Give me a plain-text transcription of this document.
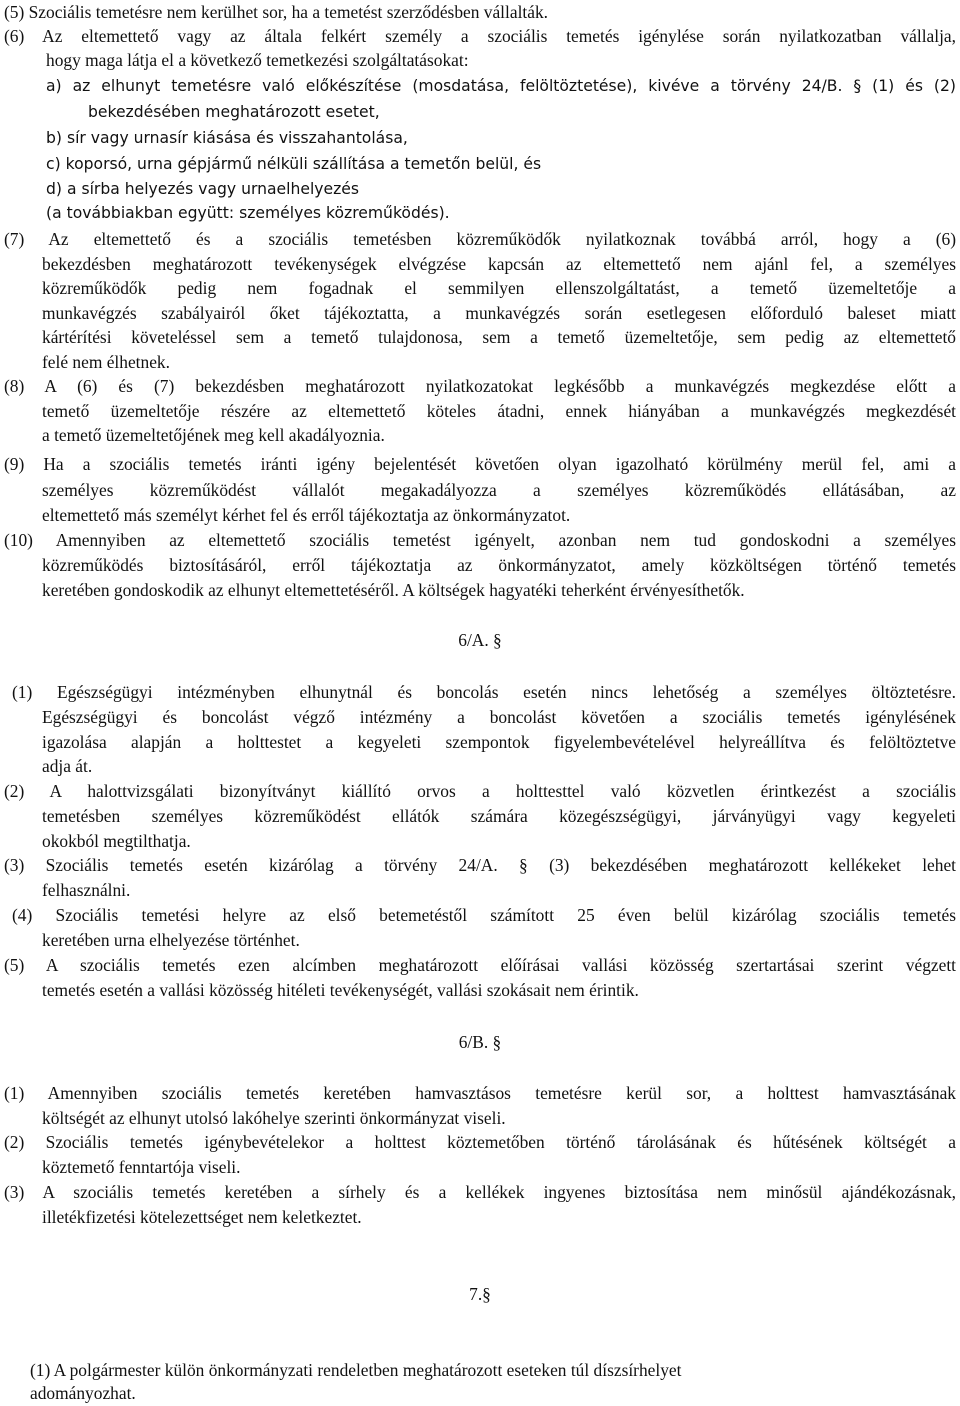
(5) Szociális temetésre nem kerülhet sor, ha a temetést szerződésben vállalták.
(6) Az eltemettető vagy az általa felkért személy a szociális temetés igénylése során nyilatkozatban vállalja,
hogy maga látja el a következő temetkezési szolgáltatásokat:
a) az elhunyt temetésre való előkészítése (mosdatása, felöltöztetése), kivéve a törvény 24/B. § (1) és (2)
bekezdésében meghatározott esetet,
b) sír vagy urnasír kiásása és visszahantolása,
c) koporsó, urna gépjármű nélküli szállítása a temetőn belül, és
d) a sírba helyezés vagy urnaelhelyezés
(a továbbiakban együtt: személyes közreműködés).
(7) Az eltemettető és a szociális temetésben közreműködők nyilatkoznak továbbá arról, hogy a (6)
bekezdésben meghatározott tevékenységek elvégzése kapcsán az eltemettető nem ajánl fel, a személyes
közreműködők pedig nem fogadnak el semmilyen ellenszolgáltatást, a temető üzemeltetője a
munkavégzés szabályairól őket tájékoztatta, a munkavégzés során esetlegesen előforduló baleset miatt
kártérítési követeléssel sem a temető tulajdonosa, sem a temető üzemeltetője, sem pedig az eltemettető
felé nem élhetnek.
(8) A (6) és (7) bekezdésben meghatározott nyilatkozatokat legkésőbb a munkavégzés megkezdése előtt a
temető üzemeltetője részére az eltemettető köteles átadni, ennek hiányában a munkavégzés megkezdését
a temető üzemeltetőjének meg kell akadályoznia.
(9) Ha a szociális temetés iránti igény bejelentését követően olyan igazolható körülmény merül fel, ami a
személyes közreműködést vállalót megakadályozza a személyes közreműködés ellátásában, az
eltemettető más személyt kérhet fel és erről tájékoztatja az önkormányzatot.
(10) Amennyiben az eltemettető szociális temetést igényelt, azonban nem tud gondoskodni a személyes
közreműködés biztosításáról, erről tájékoztatja az önkormányzatot, amely közköltségen történő temetés
keretében gondoskodik az elhunyt eltemettetéséről. A költségek hagyatéki teherként érvényesíthetők.
6/A. §
(1) Egészségügyi intézményben elhunytnál és boncolás esetén nincs lehetőség a személyes öltöztetésre.
Egészségügyi és boncolást végző intézmény a boncolást követően a szociális temetés igénylésének
igazolása alapján a holttestet a kegyeleti szempontok figyelembevételével helyreállítva és felöltöztetve
adja át.
(2) A halottvizsgálati bizonyítványt kiállító orvos a holttesttel való közvetlen érintkezést a szociális
temetésben személyes közreműködést ellátók számára közegészségügyi, járványügyi vagy kegyeleti
okokból megtilthatja.
(3) Szociális temetés esetén kizárólag a törvény 24/A. § (3) bekezdésében meghatározott kellékeket lehet
felhasználni.
(4) Szociális temetési helyre az első betemetéstől számított 25 éven belül kizárólag szociális temetés
keretében urna elhelyezése történhet.
(5) A szociális temetés ezen alcímben meghatározott előírásai vallási közösség szertartásai szerint végzett
temetés esetén a vallási közösség hitéleti tevékenységét, vallási szokásait nem érintik.
6/B. §
(1) Amennyiben szociális temetés keretében hamvasztásos temetésre kerül sor, a holttest hamvasztásának
költségét az elhunyt utolsó lakóhelye szerinti önkormányzat viseli.
(2) Szociális temetés igénybevételekor a holttest köztemetőben történő tárolásának és hűtésének költségét a
köztemető fenntartója viseli.
(3) A szociális temetés keretében a sírhely és a kellékek ingyenes biztosítása nem minősül ajándékozásnak,
illetékfizetési kötelezettséget nem keletkeztet.
7.§
(1) A polgármester külön önkormányzati rendeletben meghatározott eseteken túl díszsírhelyet
adományozhat.
